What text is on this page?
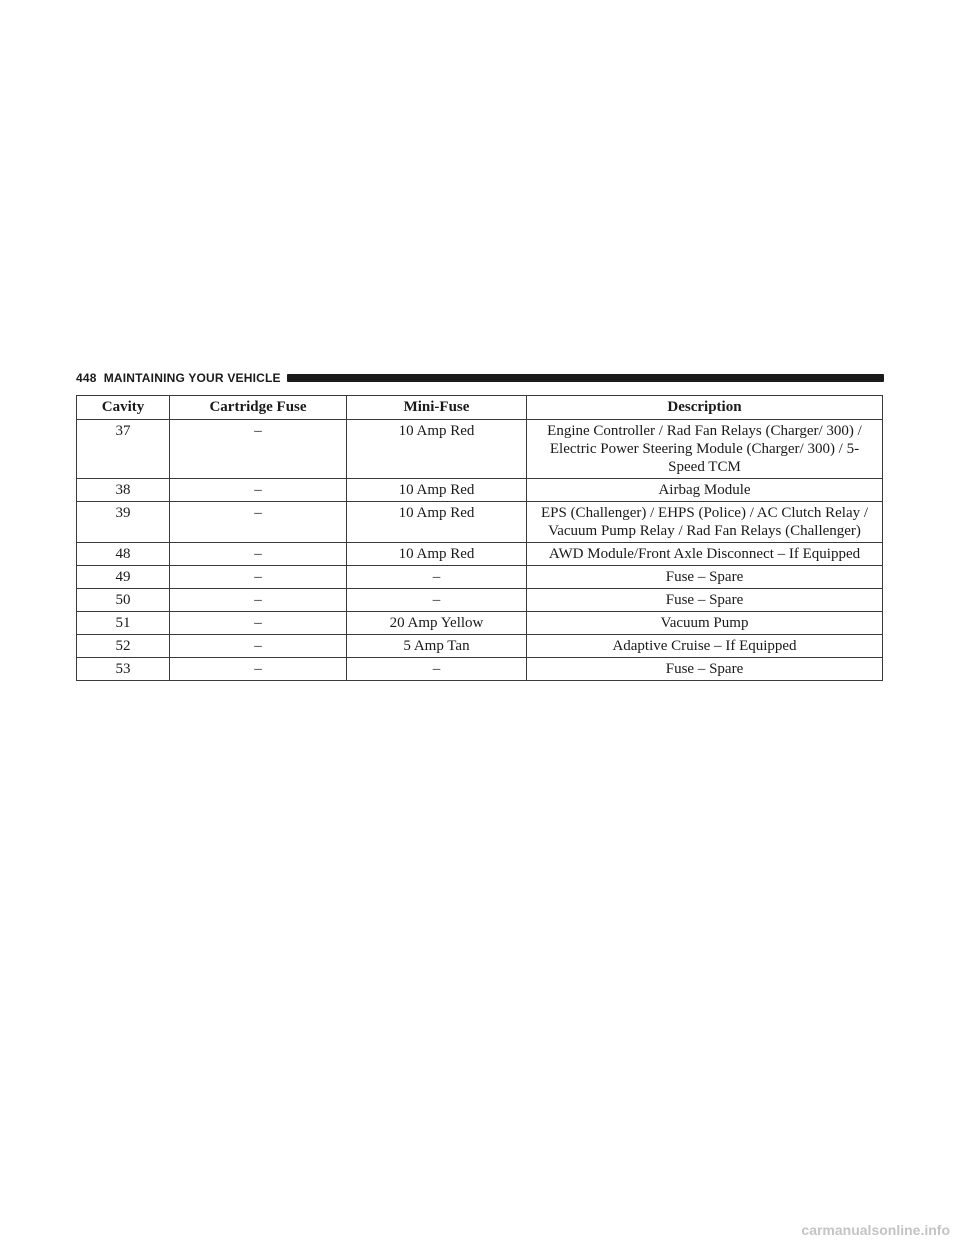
448 MAINTAINING YOUR VEHICLE
Cavity	Cartridge Fuse	Mini-Fuse	Description
37	–	10 Amp Red	Engine Controller / Rad Fan Relays (Charger/ 300) / Electric Power Steering Module (Charger/ 300) / 5-Speed TCM
38	–	10 Amp Red	Airbag Module
39	–	10 Amp Red	EPS (Challenger) / EHPS (Police) / AC Clutch Relay / Vacuum Pump Relay / Rad Fan Relays (Challenger)
48	–	10 Amp Red	AWD Module/Front Axle Disconnect – If Equipped
49	–	–	Fuse – Spare
50	–	–	Fuse – Spare
51	–	20 Amp Yellow	Vacuum Pump
52	–	5 Amp Tan	Adaptive Cruise – If Equipped
53	–	–	Fuse – Spare
carmanualsonline.info
